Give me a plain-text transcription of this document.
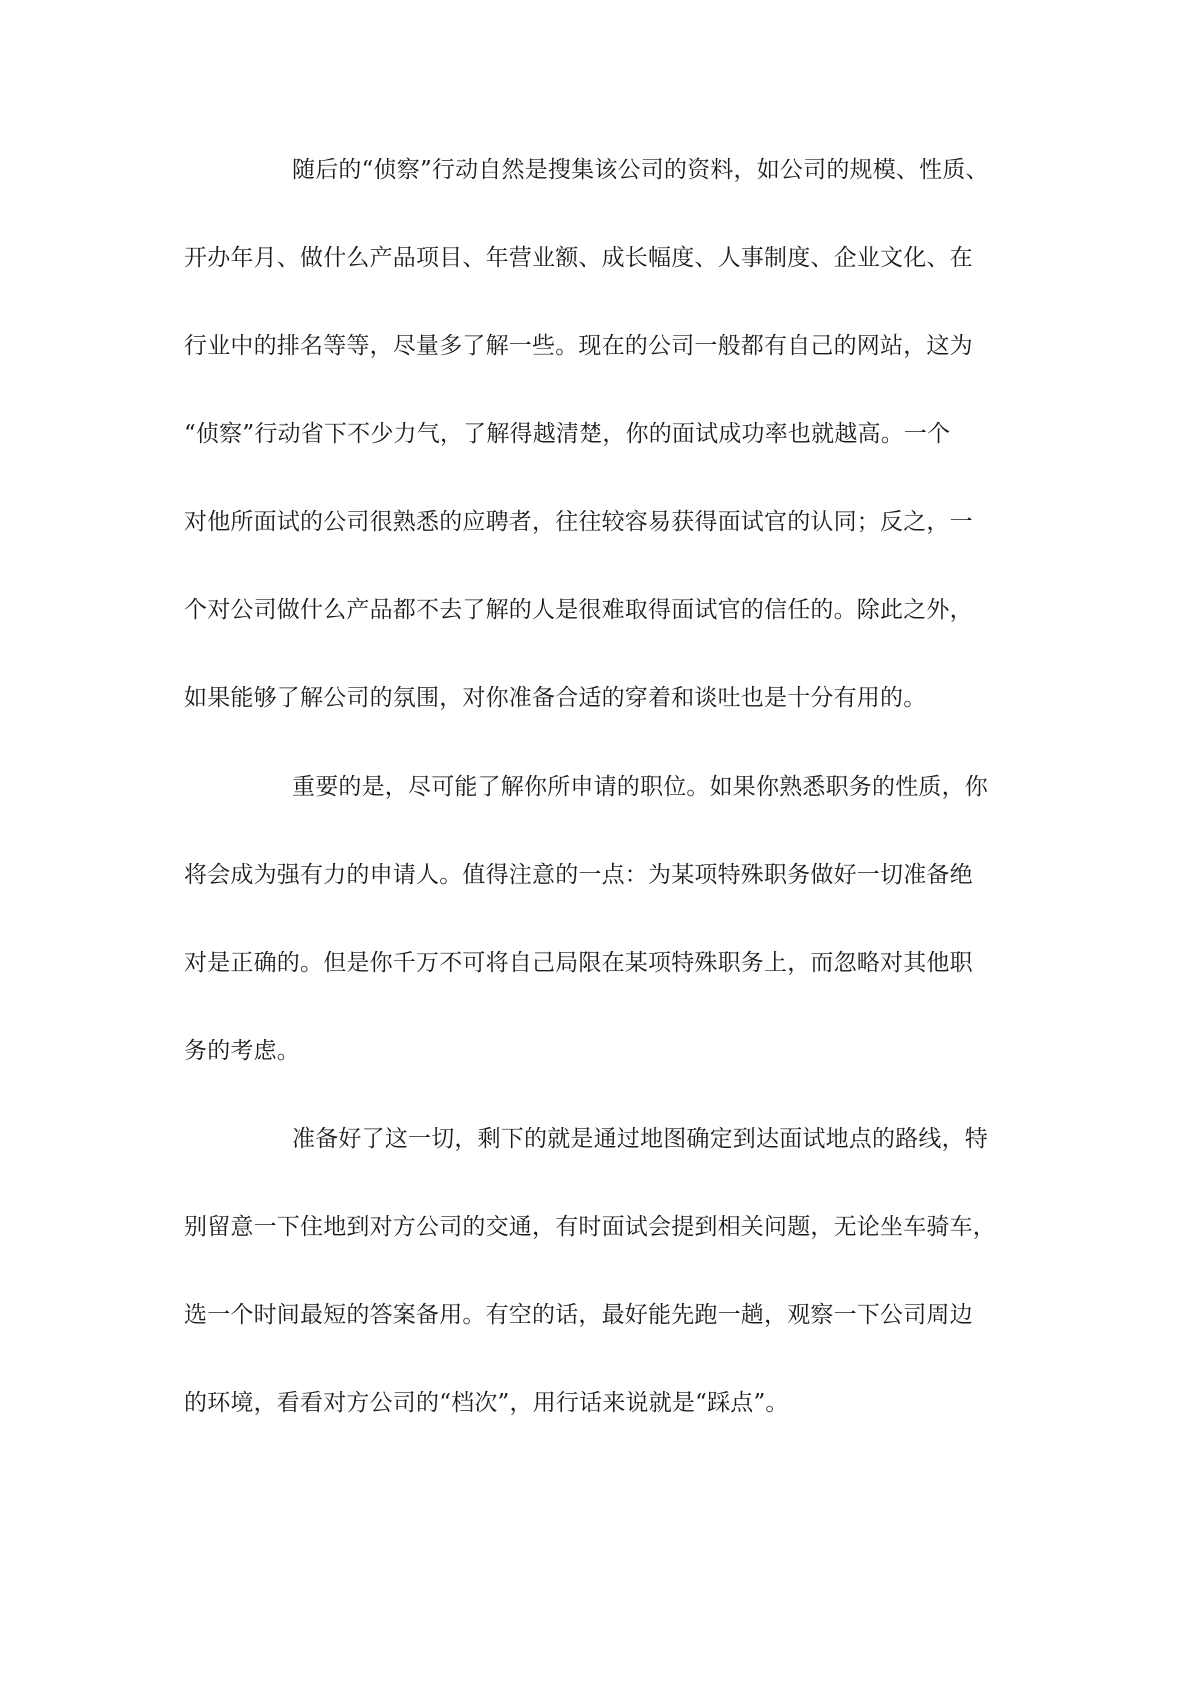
随后的“侦察”行动自然是搜集该公司的资料，如公司的规模、性质、
开办年月、做什么产品项目、年营业额、成长幅度、人事制度、企业文化、在
行业中的排名等等，尽量多了解一些。现在的公司一般都有自己的网站，这为
“侦察”行动省下不少力气，了解得越清楚，你的面试成功率也就越高。一个
对他所面试的公司很熟悉的应聘者，往往较容易获得面试官的认同；反之，一
个对公司做什么产品都不去了解的人是很难取得面试官的信任的。除此之外，
如果能够了解公司的氛围，对你准备合适的穿着和谈吐也是十分有用的。
重要的是，尽可能了解你所申请的职位。如果你熟悉职务的性质，你
将会成为强有力的申请人。值得注意的一点：为某项特殊职务做好一切准备绝
对是正确的。但是你千万不可将自己局限在某项特殊职务上，而忽略对其他职
务的考虑。
准备好了这一切，剩下的就是通过地图确定到达面试地点的路线，特
别留意一下住地到对方公司的交通，有时面试会提到相关问题，无论坐车骑车，
选一个时间最短的答案备用。有空的话，最好能先跑一趟，观察一下公司周边
的环境，看看对方公司的“档次”，用行话来说就是“踩点”。
